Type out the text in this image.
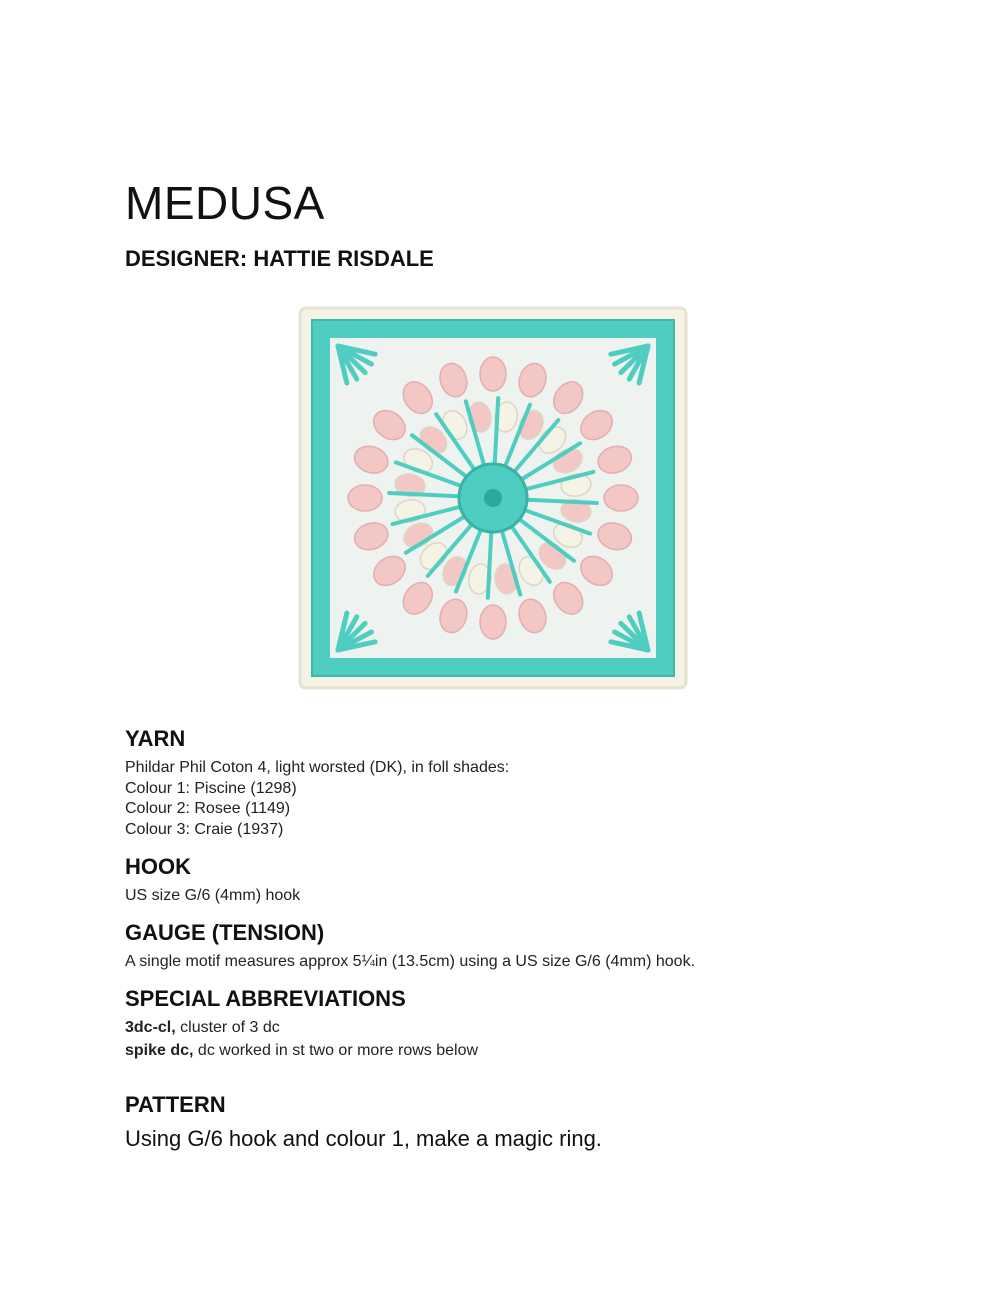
MEDUSA
DESIGNER: HATTIE RISDALE
YARN

Phildar Phil Coton 4, light worsted (DK), in foll shades:

Colour 1: Piscine (1298)

Colour 2: Rosee (1149)

Colour 3: Craie (1937)

HOOK

US size G/6 (4mm) hook

GAUGE (TENSION)

A single motif measures approx 5¼in (13.5cm) using a US size G/6 (4mm) hook.

SPECIAL ABBREVIATIONS

3dc-cl, cluster of 3 dc

spike dc, dc worked in st two or more rows below

PATTERN

Using G/6 hook and colour 1, make a magic ring.
